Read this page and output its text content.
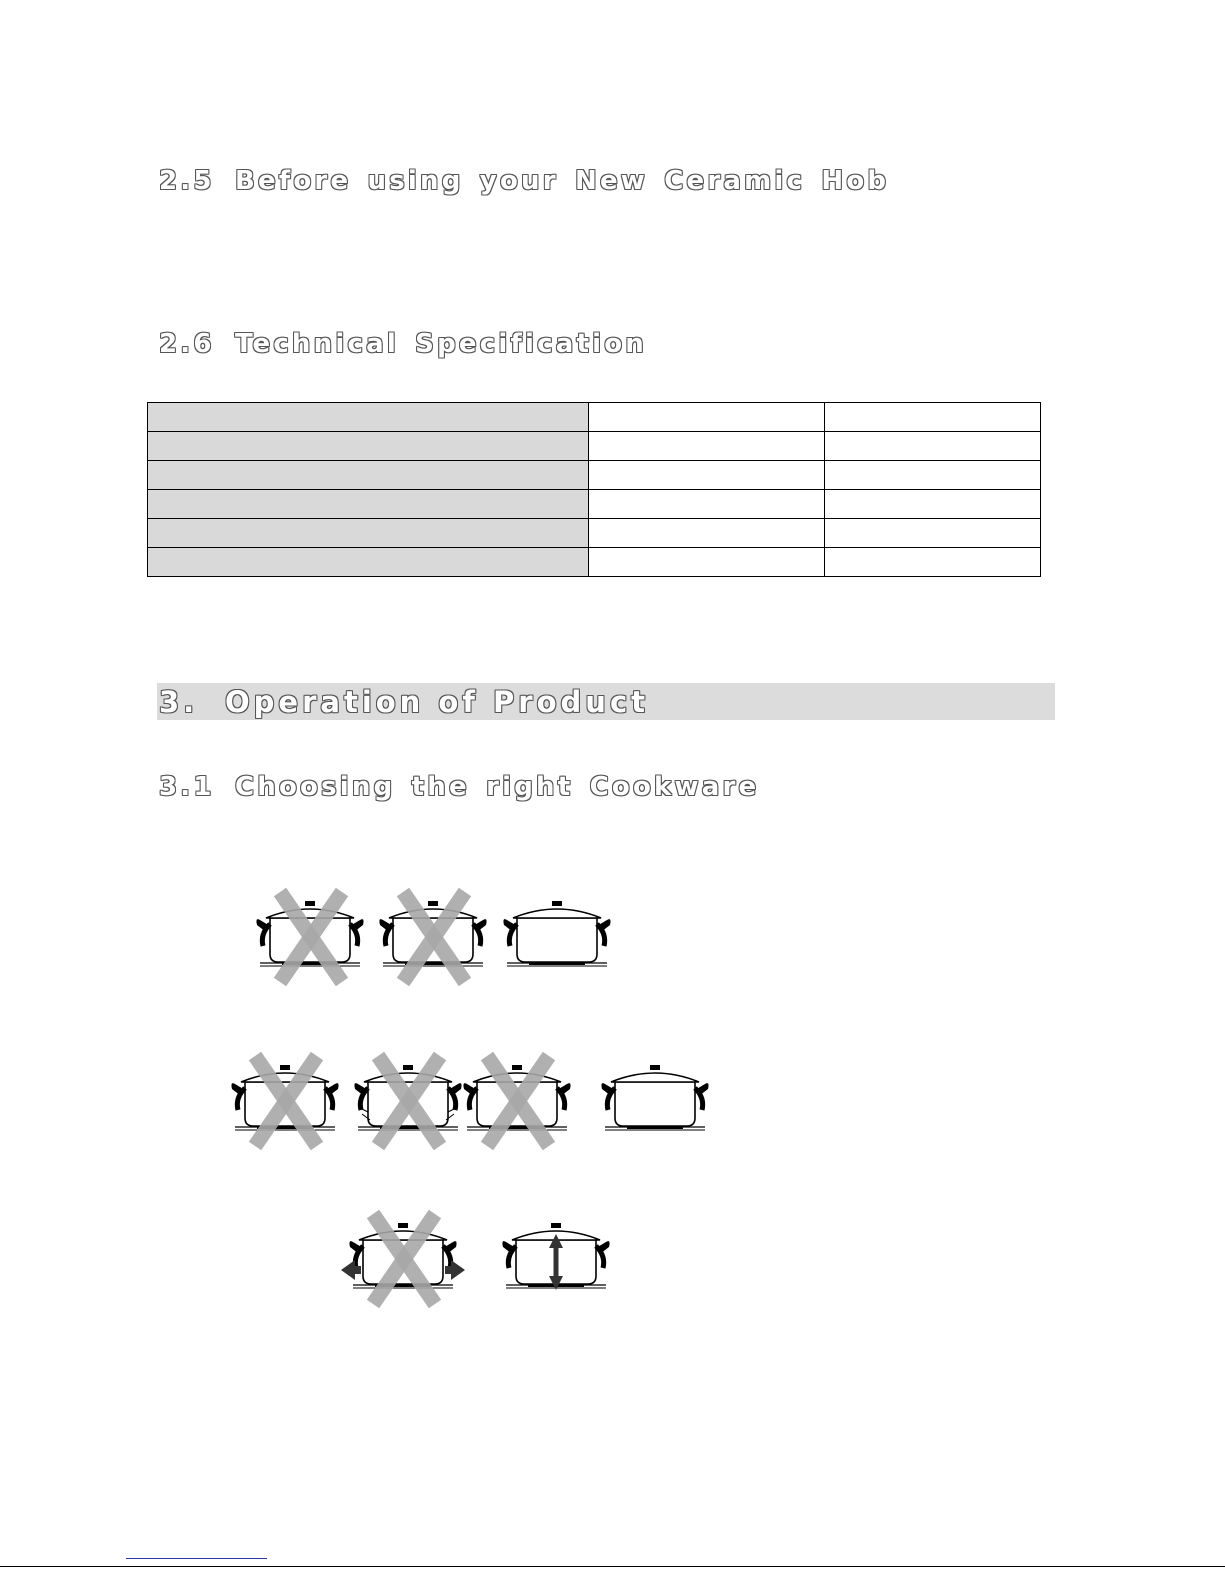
2.5 Before using your New Ceramic Hob
2.6 Technical Specification

3. Operation of Product
3.1 Choosing the right Cookware
